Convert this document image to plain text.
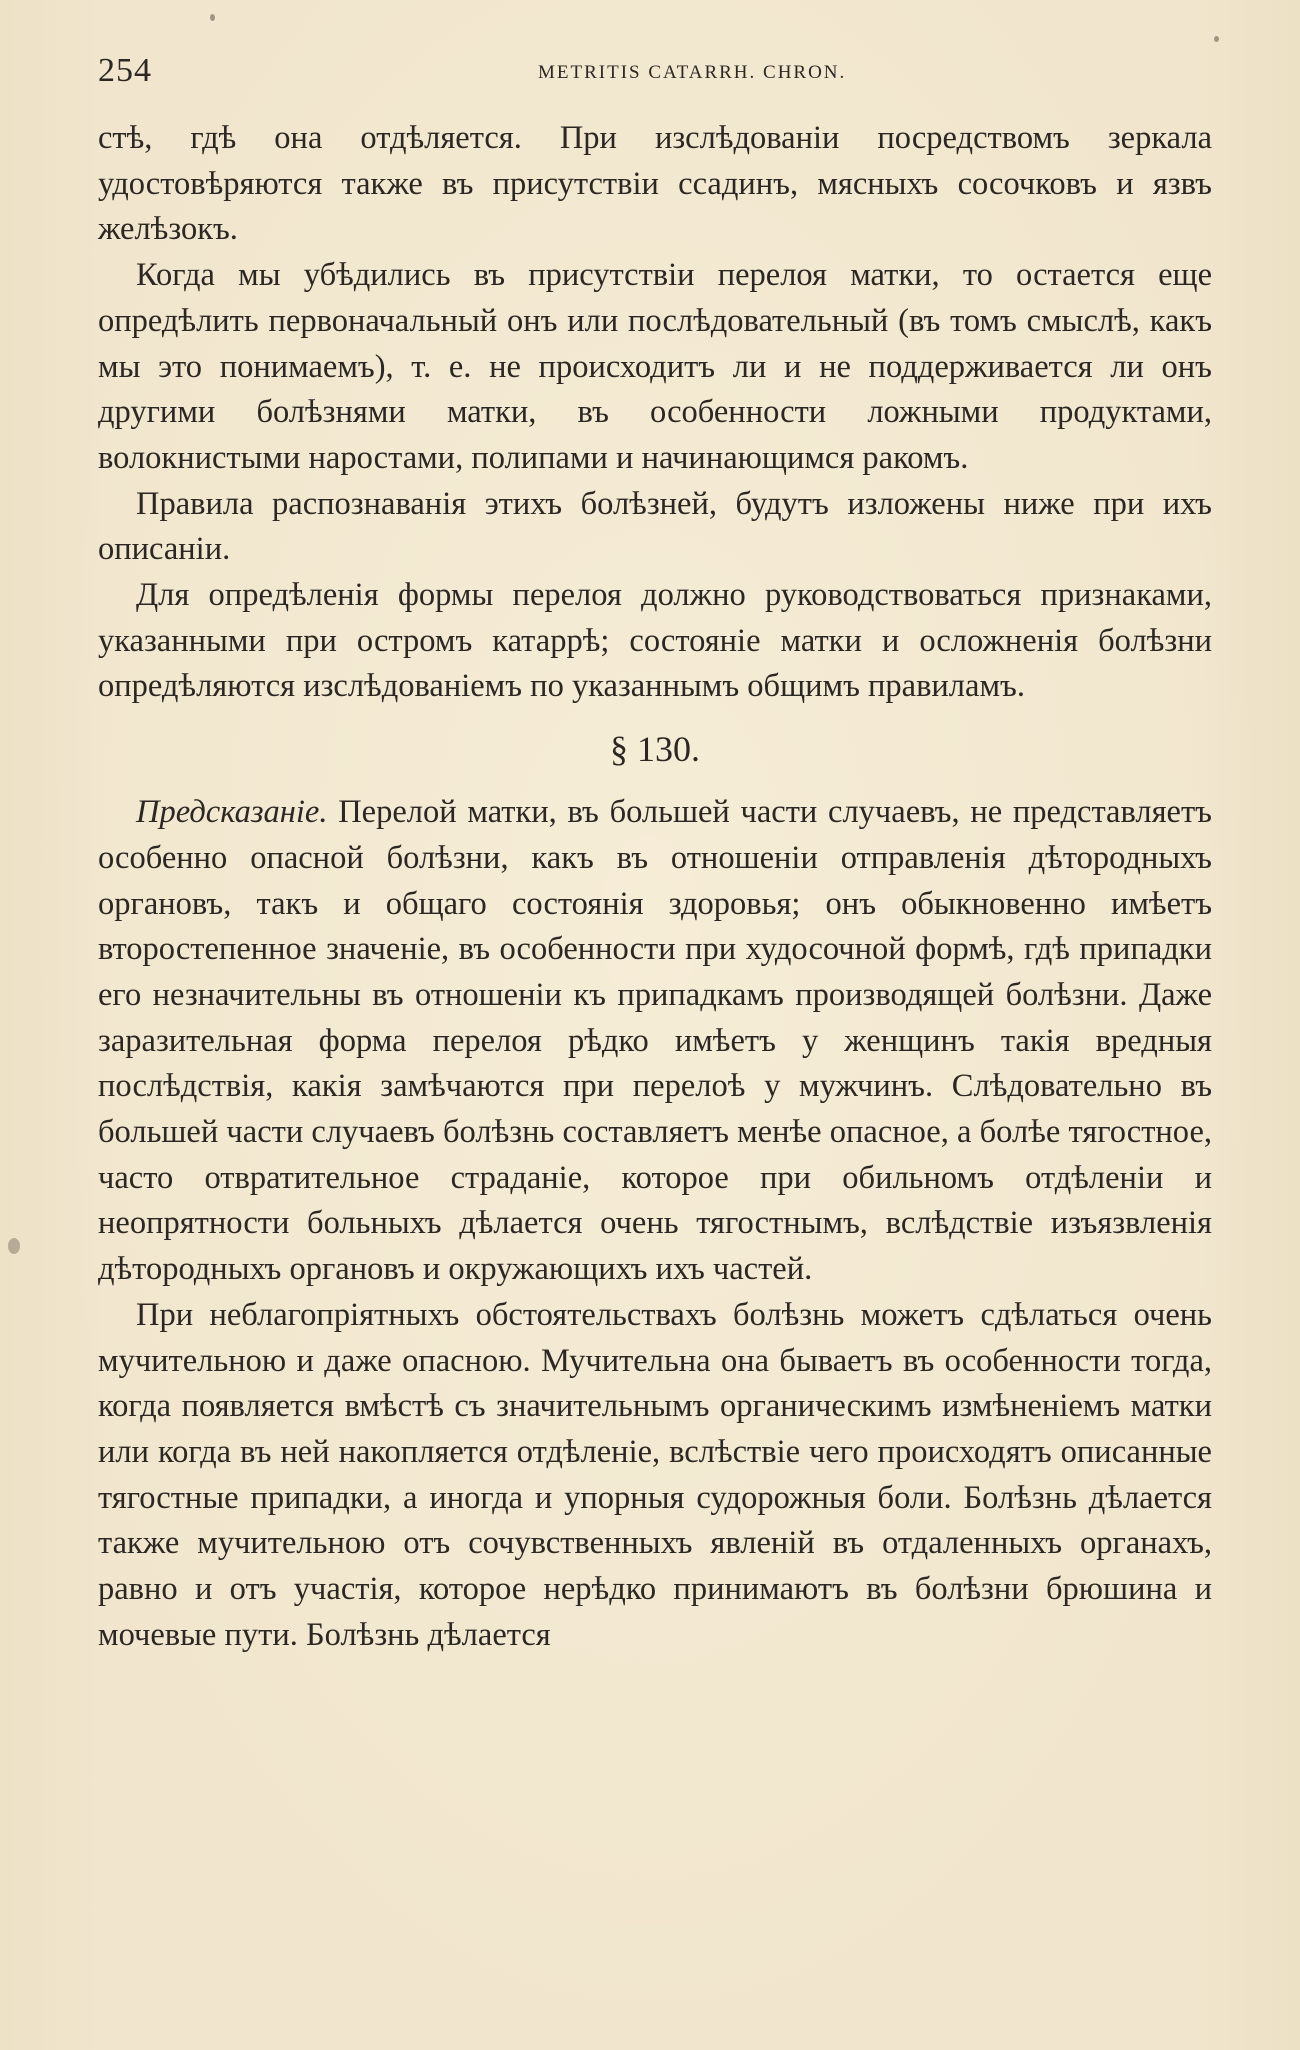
254	METRITIS CATARRH. CHRON.

стѣ, гдѣ она отдѣляется. При изслѣдованіи посредствомъ зеркала удостовѣряются также въ присутствіи ссадинъ, мясныхъ сосочковъ и язвъ желѣзокъ.

Когда мы убѣдились въ присутствіи перелоя матки, то остается еще опредѣлить первоначальный онъ или послѣдовательный (въ томъ смыслѣ, какъ мы это понимаемъ), т. е. не происходитъ ли и не поддерживается ли онъ другими болѣзнями матки, въ особенности ложными продуктами, волокнистыми наростами, полипами и начинающимся ракомъ.

Правила распознаванія этихъ болѣзней, будутъ изложены ниже при ихъ описаніи.

Для опредѣленія формы перелоя должно руководствоваться признаками, указанными при остромъ катаррѣ; состояніе матки и осложненія болѣзни опредѣляются изслѣдованіемъ по указаннымъ общимъ правиламъ.

§ 130.

Предсказаніе. Перелой матки, въ большей части случаевъ, не представляетъ особенно опасной болѣзни, какъ въ отношеніи отправленія дѣтородныхъ органовъ, такъ и общаго состоянія здоровья; онъ обыкновенно имѣетъ второстепенное значеніе, въ особенности при худосочной формѣ, гдѣ припадки его незначительны въ отношеніи къ припадкамъ производящей болѣзни. Даже заразительная форма перелоя рѣдко имѣетъ у женщинъ такія вредныя послѣдствія, какія замѣчаются при перелоѣ у мужчинъ. Слѣдовательно въ большей части случаевъ болѣзнь составляетъ менѣе опасное, а болѣе тягостное, часто отвратительное страданіе, которое при обильномъ отдѣленіи и неопрятности больныхъ дѣлается очень тягостнымъ, вслѣдствіе изъязвленія дѣтородныхъ органовъ и окружающихъ ихъ частей.

При неблагопріятныхъ обстоятельствахъ болѣзнь можетъ сдѣлаться очень мучительною и даже опасною. Мучительна она бываетъ въ особенности тогда, когда появляется вмѣстѣ съ значительнымъ органическимъ измѣненіемъ матки или когда въ ней накопляется отдѣленіе, вслѣствіе чего происходятъ описанные тягостные припадки, а иногда и упорныя судорожныя боли. Болѣзнь дѣлается также мучительною отъ сочувственныхъ явленій въ отдаленныхъ органахъ, равно и отъ участія, которое нерѣдко принимаютъ въ болѣзни брюшина и мочевые пути. Болѣзнь дѣлается
